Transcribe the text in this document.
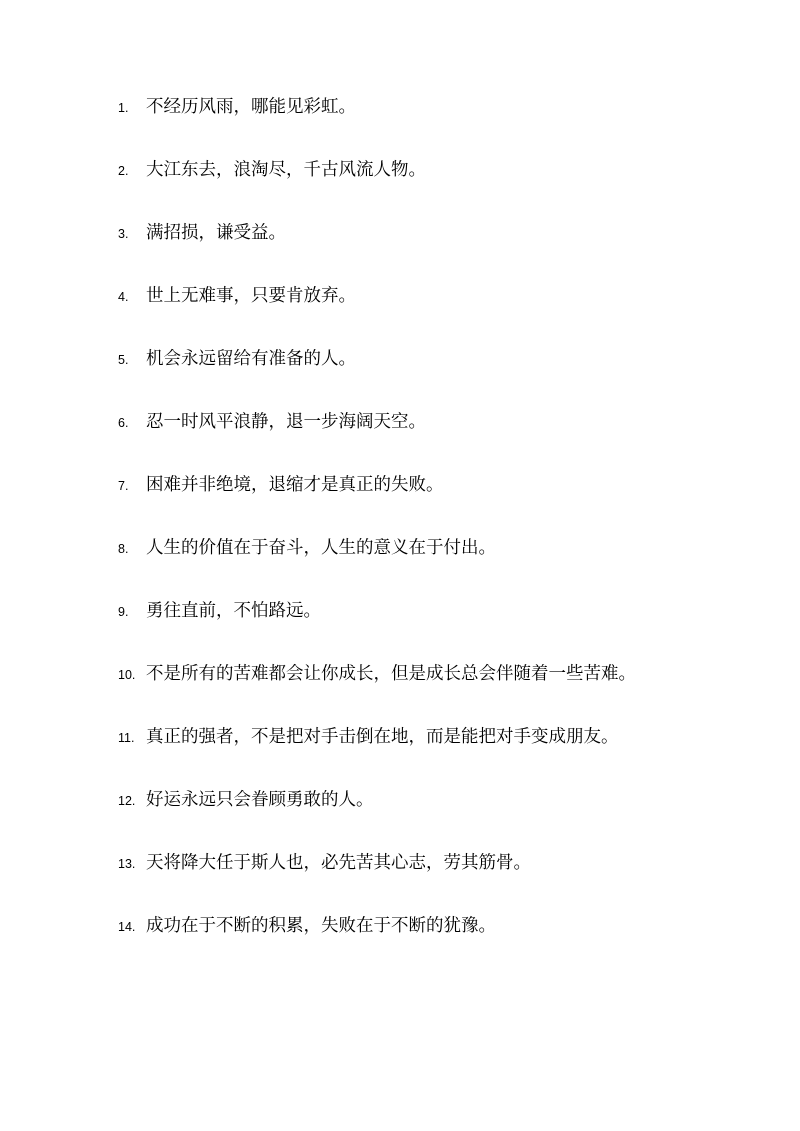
1.	不经历风雨，哪能见彩虹。
2.	大江东去，浪淘尽，千古风流人物。
3.	满招损，谦受益。
4.	世上无难事，只要肯放弃。
5.	机会永远留给有准备的人。
6.	忍一时风平浪静，退一步海阔天空。
7.	困难并非绝境，退缩才是真正的失败。
8.	人生的价值在于奋斗，人生的意义在于付出。
9.	勇往直前，不怕路远。
10. 不是所有的苦难都会让你成长，但是成长总会伴随着一些苦难。
11. 真正的强者，不是把对手击倒在地，而是能把对手变成朋友。
12. 好运永远只会眷顾勇敢的人。
13. 天将降大任于斯人也，必先苦其心志，劳其筋骨。
14. 成功在于不断的积累，失败在于不断的犹豫。
